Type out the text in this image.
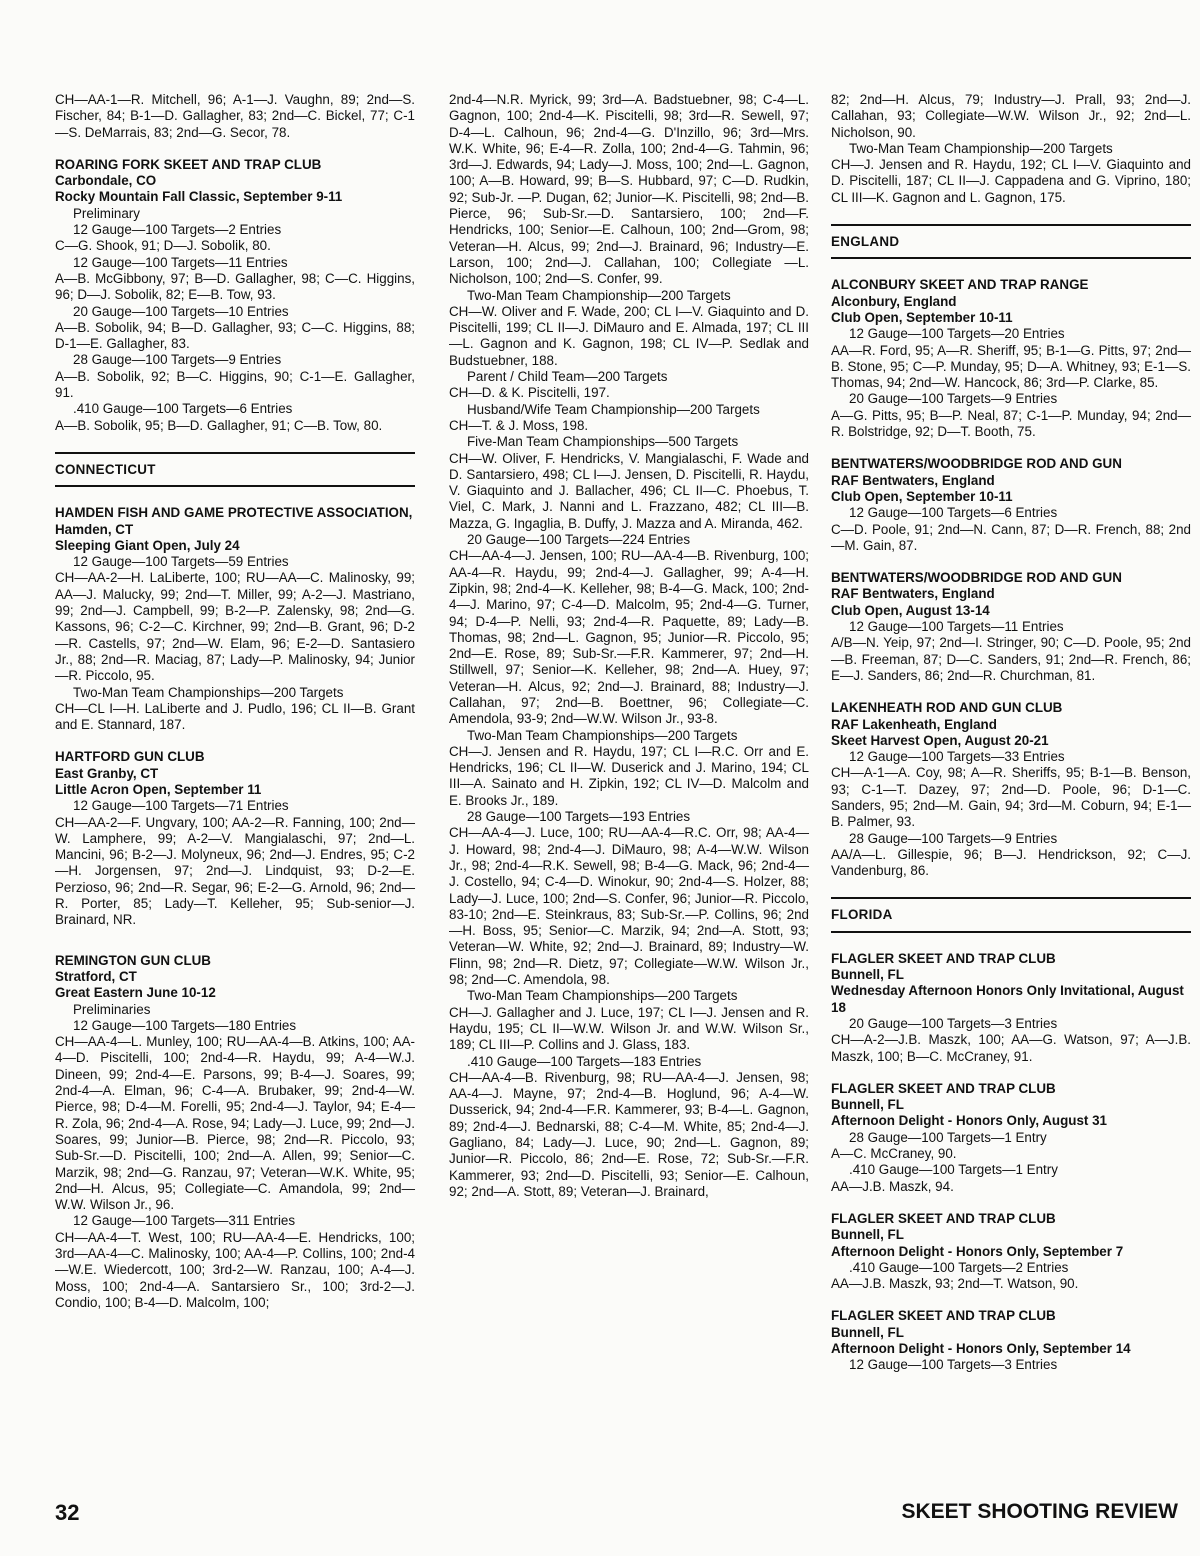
CH—AA-1—R. Mitchell, 96; A-1—J. Vaughn, 89; 2nd—S. Fischer, 84; B-1—D. Gallagher, 83; 2nd—C. Bickel, 77; C-1—S. DeMarrais, 83; 2nd—G. Secor, 78.
ROARING FORK SKEET AND TRAP CLUB
Carbondale, CO
Rocky Mountain Fall Classic, September 9-11
Preliminary
12 Gauge—100 Targets—2 Entries
C—G. Shook, 91; D—J. Sobolik, 80.
12 Gauge—100 Targets—11 Entries
A—B. McGibbony, 97; B—D. Gallagher, 98; C—C. Higgins, 96; D—J. Sobolik, 82; E—B. Tow, 93.
20 Gauge—100 Targets—10 Entries
A—B. Sobolik, 94; B—D. Gallagher, 93; C—C. Higgins, 88; D-1—E. Gallagher, 83.
28 Gauge—100 Targets—9 Entries
A—B. Sobolik, 92; B—C. Higgins, 90; C-1—E. Gallagher, 91.
.410 Gauge—100 Targets—6 Entries
A—B. Sobolik, 95; B—D. Gallagher, 91; C—B. Tow, 80.
CONNECTICUT
HAMDEN FISH AND GAME PROTECTIVE ASSOCIATION, Hamden, CT
Sleeping Giant Open, July 24
12 Gauge—100 Targets—59 Entries
CH—AA-2—H. LaLiberte, 100; RU—AA—C. Malinosky, 99; AA—J. Malucky, 99; 2nd—T. Miller, 99; A-2—J. Mastriano, 99; 2nd—J. Campbell, 99; B-2—P. Zalensky, 98; 2nd—G. Kassons, 96; C-2—C. Kirchner, 99; 2nd—B. Grant, 96; D-2—R. Castells, 97; 2nd—W. Elam, 96; E-2—D. Santasiero Jr., 88; 2nd—R. Maciag, 87; Lady—P. Malinosky, 94; Junior—R. Piccolo, 95.
Two-Man Team Championships—200 Targets
CH—CL I—H. LaLiberte and J. Pudlo, 196; CL II—B. Grant and E. Stannard, 187.
HARTFORD GUN CLUB
East Granby, CT
Little Acron Open, September 11
12 Gauge—100 Targets—71 Entries
CH—AA-2—F. Ungvary, 100; AA-2—R. Fanning, 100; 2nd—W. Lamphere, 99; A-2—V. Mangialaschi, 97; 2nd—L. Mancini, 96; B-2—J. Molyneux, 96; 2nd—J. Endres, 95; C-2—H. Jorgensen, 97; 2nd—J. Lindquist, 93; D-2—E. Perzioso, 96; 2nd—R. Segar, 96; E-2—G. Arnold, 96; 2nd—R. Porter, 85; Lady—T. Kelleher, 95; Sub-senior—J. Brainard, NR.
REMINGTON GUN CLUB
Stratford, CT
Great Eastern June 10-12
Preliminaries
12 Gauge—100 Targets—180 Entries
CH—AA-4—L. Munley, 100; RU—AA-4—B. Atkins, 100; AA-4—D. Piscitelli, 100; 2nd-4—R. Haydu, 99; A-4—W.J. Dineen, 99; 2nd-4—E. Parsons, 99; B-4—J. Soares, 99; 2nd-4—A. Elman, 96; C-4—A. Brubaker, 99; 2nd-4—W. Pierce, 98; D-4—M. Forelli, 95; 2nd-4—J. Taylor, 94; E-4—R. Zola, 96; 2nd-4—A. Rose, 94; Lady—J. Luce, 99; 2nd—J. Soares, 99; Junior—B. Pierce, 98; 2nd—R. Piccolo, 93; Sub-Sr.—D. Piscitelli, 100; 2nd—A. Allen, 99; Senior—C. Marzik, 98; 2nd—G. Ranzau, 97; Veteran—W.K. White, 95; 2nd—H. Alcus, 95; Collegiate—C. Amandola, 99; 2nd—W.W. Wilson Jr., 96.
12 Gauge—100 Targets—311 Entries
CH—AA-4—T. West, 100; RU—AA-4—E. Hendricks, 100; 3rd—AA-4—C. Malinosky, 100; AA-4—P. Collins, 100; 2nd-4—W.E. Wiedercott, 100; 3rd-2—W. Ranzau, 100; A-4—J. Moss, 100; 2nd-4—A. Santarsiero Sr., 100; 3rd-2—J. Condio, 100; B-4—D. Malcolm, 100;
2nd-4—N.R. Myrick, 99; 3rd—A. Badstuebner, 98; C-4—L. Gagnon, 100; 2nd-4—K. Piscitelli, 98; 3rd—R. Sewell, 97; D-4—L. Calhoun, 96; 2nd-4—G. D'Inzillo, 96; 3rd—Mrs. W.K. White, 96; E-4—R. Zolla, 100; 2nd-4—G. Tahmin, 96; 3rd—J. Edwards, 94; Lady—J. Moss, 100; 2nd—L. Gagnon, 100; A—B. Howard, 99; B—S. Hubbard, 97; C—D. Rudkin, 92; Sub-Jr. —P. Dugan, 62; Junior—K. Piscitelli, 98; 2nd—B. Pierce, 96; Sub-Sr.—D. Santarsiero, 100; 2nd—F. Hendricks, 100; Senior—E. Calhoun, 100; 2nd—Grom, 98; Veteran—H. Alcus, 99; 2nd—J. Brainard, 96; Industry—E. Larson, 100; 2nd—J. Callahan, 100; Collegiate —L. Nicholson, 100; 2nd—S. Confer, 99.
Two-Man Team Championship—200 Targets
CH—W. Oliver and F. Wade, 200; CL I—V. Giaquinto and D. Piscitelli, 199; CL II—J. DiMauro and E. Almada, 197; CL III—L. Gagnon and K. Gagnon, 198; CL IV—P. Sedlak and Budstuebner, 188.
Parent / Child Team—200 Targets
CH—D. & K. Piscitelli, 197.
Husband/Wife Team Championship—200 Targets
CH—T. & J. Moss, 198.
Five-Man Team Championships—500 Targets
CH—W. Oliver, F. Hendricks, V. Mangialaschi, F. Wade and D. Santarsiero, 498; CL I—J. Jensen, D. Piscitelli, R. Haydu, V. Giaquinto and J. Ballacher, 496; CL II—C. Phoebus, T. Viel, C. Mark, J. Nanni and L. Frazzano, 482; CL III—B. Mazza, G. Ingaglia, B. Duffy, J. Mazza and A. Miranda, 462.
20 Gauge—100 Targets—224 Entries
CH—AA-4—J. Jensen, 100; RU—AA-4—B. Rivenburg, 100; AA-4—R. Haydu, 99; 2nd-4—J. Gallagher, 99; A-4—H. Zipkin, 98; 2nd-4—K. Kelleher, 98; B-4—G. Mack, 100; 2nd-4—J. Marino, 97; C-4—D. Malcolm, 95; 2nd-4—G. Turner, 94; D-4—P. Nelli, 93; 2nd-4—R. Paquette, 89; Lady—B. Thomas, 98; 2nd—L. Gagnon, 95; Junior—R. Piccolo, 95; 2nd—E. Rose, 89; Sub-Sr.—F.R. Kammerer, 97; 2nd—H. Stillwell, 97; Senior—K. Kelleher, 98; 2nd—A. Huey, 97; Veteran—H. Alcus, 92; 2nd—J. Brainard, 88; Industry—J. Callahan, 97; 2nd—B. Boettner, 96; Collegiate—C. Amendola, 93-9; 2nd—W.W. Wilson Jr., 93-8.
Two-Man Team Championships—200 Targets
CH—J. Jensen and R. Haydu, 197; CL I—R.C. Orr and E. Hendricks, 196; CL II—W. Duserick and J. Marino, 194; CL III—A. Sainato and H. Zipkin, 192; CL IV—D. Malcolm and E. Brooks Jr., 189.
28 Gauge—100 Targets—193 Entries
CH—AA-4—J. Luce, 100; RU—AA-4—R.C. Orr, 98; AA-4—J. Howard, 98; 2nd-4—J. DiMauro, 98; A-4—W.W. Wilson Jr., 98; 2nd-4—R.K. Sewell, 98; B-4—G. Mack, 96; 2nd-4—J. Costello, 94; C-4—D. Winokur, 90; 2nd-4—S. Holzer, 88; Lady—J. Luce, 100; 2nd—S. Confer, 96; Junior—R. Piccolo, 83-10; 2nd—E. Steinkraus, 83; Sub-Sr.—P. Collins, 96; 2nd—H. Boss, 95; Senior—C. Marzik, 94; 2nd—A. Stott, 93; Veteran—W. White, 92; 2nd—J. Brainard, 89; Industry—W. Flinn, 98; 2nd—R. Dietz, 97; Collegiate—W.W. Wilson Jr., 98; 2nd—C. Amendola, 98.
Two-Man Team Championships—200 Targets
CH—J. Gallagher and J. Luce, 197; CL I—J. Jensen and R. Haydu, 195; CL II—W.W. Wilson Jr. and W.W. Wilson Sr., 189; CL III—P. Collins and J. Glass, 183.
.410 Gauge—100 Targets—183 Entries
CH—AA-4—B. Rivenburg, 98; RU—AA-4—J. Jensen, 98; AA-4—J. Mayne, 97; 2nd-4—B. Hoglund, 96; A-4—W. Dusserick, 94; 2nd-4—F.R. Kammerer, 93; B-4—L. Gagnon, 89; 2nd-4—J. Bednarski, 88; C-4—M. White, 85; 2nd-4—J. Gagliano, 84; Lady—J. Luce, 90; 2nd—L. Gagnon, 89; Junior—R. Piccolo, 86; 2nd—E. Rose, 72; Sub-Sr.—F.R. Kammerer, 93; 2nd—D. Piscitelli, 93; Senior—E. Calhoun, 92; 2nd—A. Stott, 89; Veteran—J. Brainard,
82; 2nd—H. Alcus, 79; Industry—J. Prall, 93; 2nd—J. Callahan, 93; Collegiate—W.W. Wilson Jr., 92; 2nd—L. Nicholson, 90.
Two-Man Team Championship—200 Targets
CH—J. Jensen and R. Haydu, 192; CL I—V. Giaquinto and D. Piscitelli, 187; CL II—J. Cappadena and G. Viprino, 180; CL III—K. Gagnon and L. Gagnon, 175.
ENGLAND
ALCONBURY SKEET AND TRAP RANGE
Alconbury, England
Club Open, September 10-11
12 Gauge—100 Targets—20 Entries
AA—R. Ford, 95; A—R. Sheriff, 95; B-1—G. Pitts, 97; 2nd—B. Stone, 95; C—P. Munday, 95; D—A. Whitney, 93; E-1—S. Thomas, 94; 2nd—W. Hancock, 86; 3rd—P. Clarke, 85.
20 Gauge—100 Targets—9 Entries
A—G. Pitts, 95; B—P. Neal, 87; C-1—P. Munday, 94; 2nd—R. Bolstridge, 92; D—T. Booth, 75.
BENTWATERS/WOODBRIDGE ROD AND GUN
RAF Bentwaters, England
Club Open, September 10-11
12 Gauge—100 Targets—6 Entries
C—D. Poole, 91; 2nd—N. Cann, 87; D—R. French, 88; 2nd—M. Gain, 87.
BENTWATERS/WOODBRIDGE ROD AND GUN
RAF Bentwaters, England
Club Open, August 13-14
12 Gauge—100 Targets—11 Entries
A/B—N. Yeip, 97; 2nd—I. Stringer, 90; C—D. Poole, 95; 2nd—B. Freeman, 87; D—C. Sanders, 91; 2nd—R. French, 86; E—J. Sanders, 86; 2nd—R. Churchman, 81.
LAKENHEATH ROD AND GUN CLUB
RAF Lakenheath, England
Skeet Harvest Open, August 20-21
12 Gauge—100 Targets—33 Entries
CH—A-1—A. Coy, 98; A—R. Sheriffs, 95; B-1—B. Benson, 93; C-1—T. Dazey, 97; 2nd—D. Poole, 96; D-1—C. Sanders, 95; 2nd—M. Gain, 94; 3rd—M. Coburn, 94; E-1—B. Palmer, 93.
28 Gauge—100 Targets—9 Entries
AA/A—L. Gillespie, 96; B—J. Hendrickson, 92; C—J. Vandenburg, 86.
FLORIDA
FLAGLER SKEET AND TRAP CLUB
Bunnell, FL
Wednesday Afternoon Honors Only Invitational, August 18
20 Gauge—100 Targets—3 Entries
CH—A-2—J.B. Maszk, 100; AA—G. Watson, 97; A—J.B. Maszk, 100; B—C. McCraney, 91.
FLAGLER SKEET AND TRAP CLUB
Bunnell, FL
Afternoon Delight - Honors Only, August 31
28 Gauge—100 Targets—1 Entry
A—C. McCraney, 90.
.410 Gauge—100 Targets—1 Entry
AA—J.B. Maszk, 94.
FLAGLER SKEET AND TRAP CLUB
Bunnell, FL
Afternoon Delight - Honors Only, September 7
.410 Gauge—100 Targets—2 Entries
AA—J.B. Maszk, 93; 2nd—T. Watson, 90.
FLAGLER SKEET AND TRAP CLUB
Bunnell, FL
Afternoon Delight - Honors Only, September 14
12 Gauge—100 Targets—3 Entries
32	SKEET SHOOTING REVIEW
